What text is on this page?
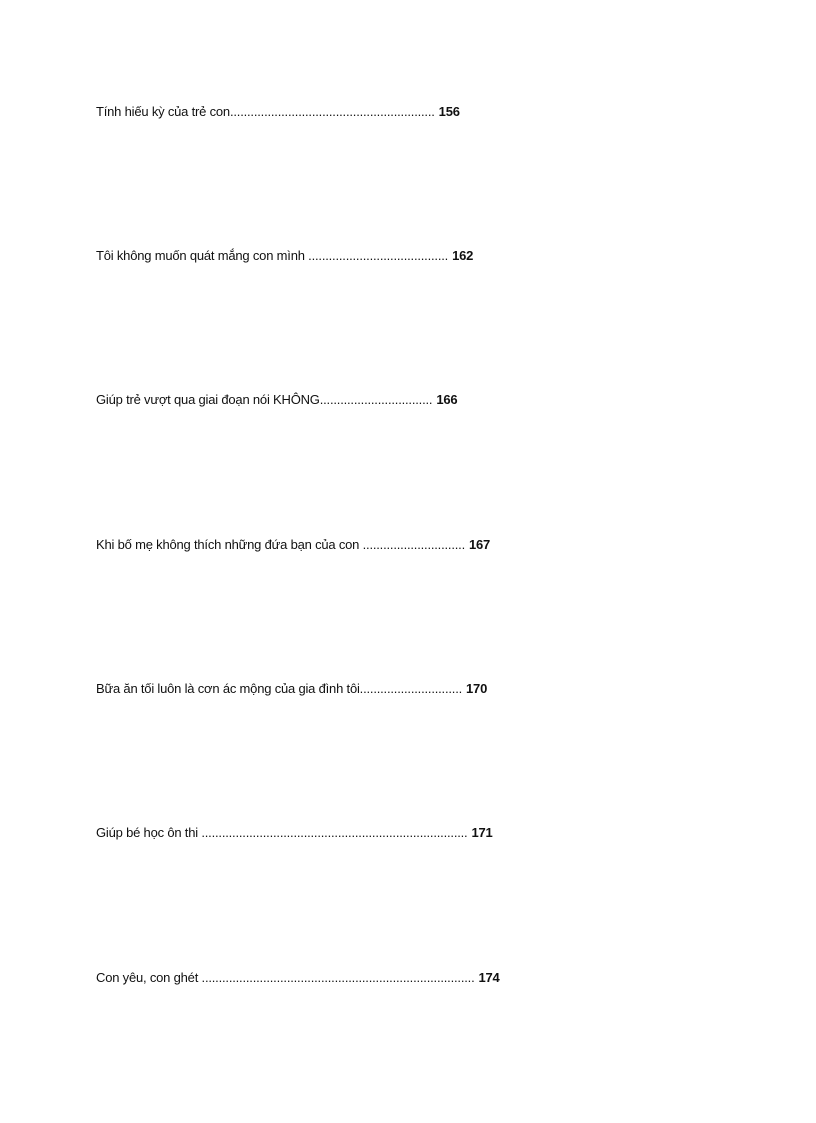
Tính hiếu kỳ của trẻ con............................................................ 156
Tôi không muốn quát mắng con mình ......................................... 162
Giúp trẻ vượt qua giai đoạn nói KHÔNG................................. 166
Khi bố mẹ không thích những đứa bạn của con .............................. 167
Bữa ăn tối luôn là cơn ác mộng của gia đình tôi.............................. 170
Giúp bé học ôn thi .............................................................................. 171
Con yêu, con ghét ................................................................................ 174
